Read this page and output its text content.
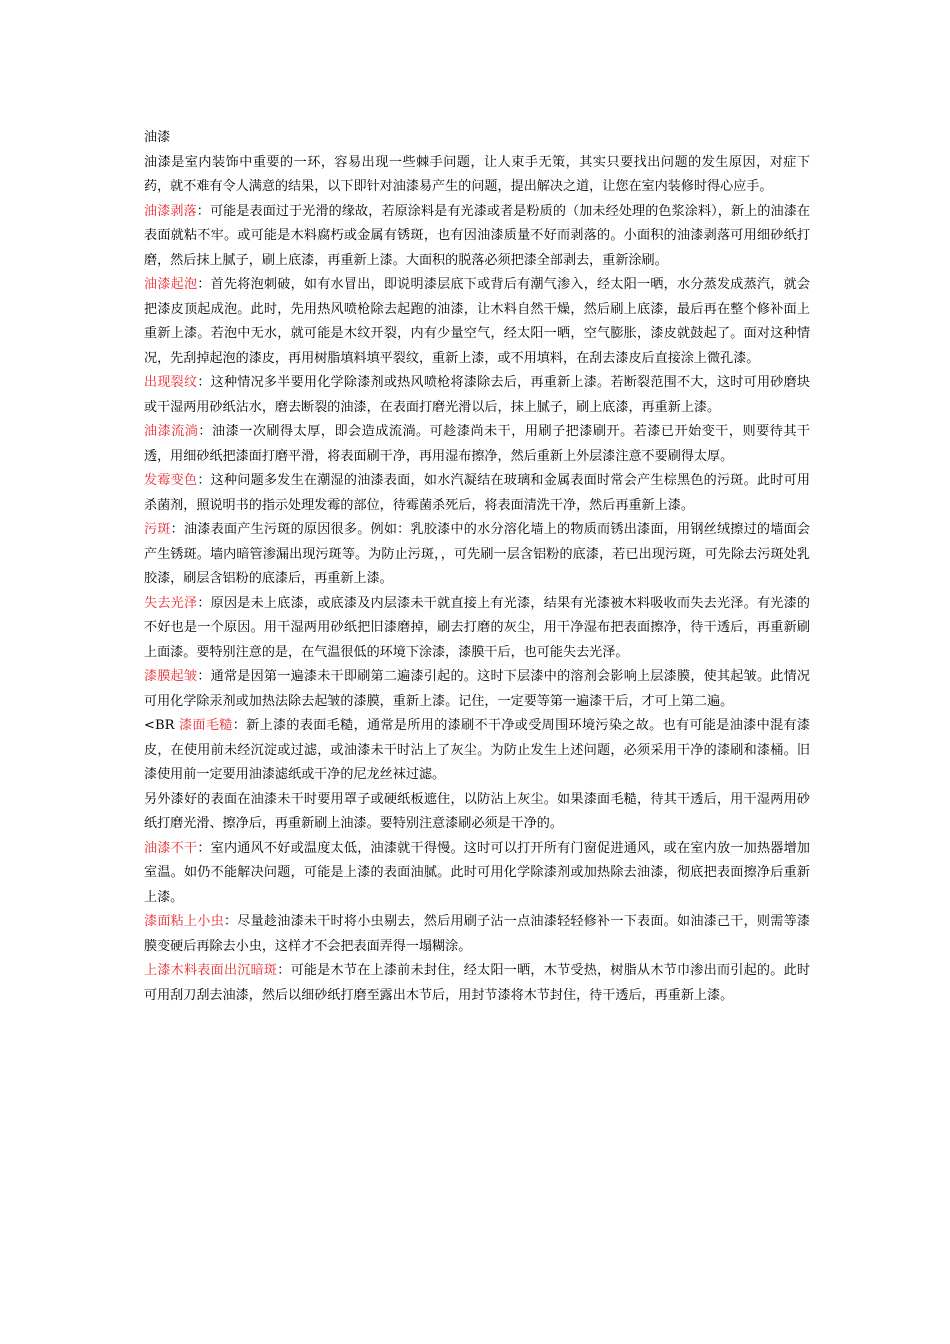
油漆

油漆是室内装饰中重要的一环，容易出现一些棘手问题，让人束手无策，其实只要找出问题的发生原因，对症下药，就不难有令人满意的结果，以下即针对油漆易产生的问题，提出解决之道，让您在室内装修时得心应手。

油漆剥落：可能是表面过于光滑的缘故，若原涂料是有光漆或者是粉质的（加未经处理的色浆涂料），新上的油漆在表面就粘不牢。或可能是木料腐朽或金属有锈斑，也有因油漆质量不好而剥落的。小面积的油漆剥落可用细砂纸打磨，然后抹上腻子，刷上底漆，再重新上漆。大面积的脱落必须把漆全部剥去，重新涂刷。

油漆起泡：首先将泡刺破，如有水冒出，即说明漆层底下或背后有潮气渗入，经太阳一晒，水分蒸发成蒸汽，就会把漆皮顶起成泡。此时，先用热风喷枪除去起跑的油漆，让木料自然干燥，然后刷上底漆，最后再在整个修补面上重新上漆。若泡中无水，就可能是木纹开裂，内有少量空气，经太阳一晒，空气膨胀，漆皮就鼓起了。面对这种情况，先刮掉起泡的漆皮，再用树脂填料填平裂纹，重新上漆，或不用填料，在刮去漆皮后直接涂上微孔漆。

出现裂纹：这种情况多半要用化学除漆剂或热风喷枪将漆除去后，再重新上漆。若断裂范围不大，这时可用砂磨块或干湿两用砂纸沾水，磨去断裂的油漆，在表面打磨光滑以后，抹上腻子，刷上底漆，再重新上漆。

油漆流淌：油漆一次刷得太厚，即会造成流淌。可趁漆尚未干，用刷子把漆刷开。若漆已开始变干，则要待其干透，用细砂纸把漆面打磨平滑，将表面刷干净，再用湿布擦净，然后重新上外层漆注意不要刷得太厚。

发霉变色：这种问题多发生在潮湿的油漆表面，如水汽凝结在玻璃和金属表面时常会产生棕黑色的污斑。此时可用杀菌剂，照说明书的指示处理发霉的部位，待霉菌杀死后，将表面清洗干净，然后再重新上漆。

污斑：油漆表面产生污斑的原因很多。例如：乳胶漆中的水分溶化墙上的物质而锈出漆面，用钢丝绒擦过的墙面会产生锈斑。墙内暗管渗漏出现污斑等。为防止污斑，，可先刷一层含铝粉的底漆，若已出现污斑，可先除去污斑处乳胶漆，刷层含铝粉的底漆后，再重新上漆。

失去光泽：原因是未上底漆，或底漆及内层漆未干就直接上有光漆，结果有光漆被木料吸收而失去光泽。有光漆的不好也是一个原因。用干湿两用砂纸把旧漆磨掉，刷去打磨的灰尘，用干净湿布把表面擦净，待干透后，再重新刷上面漆。要特别注意的是，在气温很低的环境下涂漆，漆膜干后，也可能失去光泽。

漆膜起皱：通常是因第一遍漆未干即刷第二遍漆引起的。这时下层漆中的溶剂会影响上层漆膜，使其起皱。此情况可用化学除汞剂或加热法除去起皱的漆膜，重新上漆。记住，一定要等第一遍漆干后，才可上第二遍。

<BR 漆面毛糙：新上漆的表面毛糙，通常是所用的漆刷不干净或受周围环境污染之故。也有可能是油漆中混有漆皮，在使用前未经沉淀或过滤，或油漆未干时沾上了灰尘。为防止发生上述问题，必须采用干净的漆刷和漆桶。旧漆使用前一定要用油漆滤纸或干净的尼龙丝袜过滤。

另外漆好的表面在油漆未干时要用罩子或硬纸板遮住，以防沾上灰尘。如果漆面毛糙，待其干透后，用干湿两用砂纸打磨光滑、擦净后，再重新刷上油漆。要特别注意漆刷必须是干净的。

油漆不干：室内通风不好或温度太低，油漆就干得慢。这时可以打开所有门窗促进通风，或在室内放一加热器增加室温。如仍不能解决问题，可能是上漆的表面油腻。此时可用化学除漆剂或加热除去油漆，彻底把表面擦净后重新上漆。

漆面粘上小虫：尽量趁油漆未干时将小虫剔去，然后用刷子沾一点油漆轻轻修补一下表面。如油漆己干，则需等漆膜变硬后再除去小虫，这样才不会把表面弄得一塌糊涂。

上漆木料表面出沉暗斑：可能是木节在上漆前未封住，经太阳一晒，木节受热，树脂从木节巾渗出而引起的。此时可用刮刀刮去油漆，然后以细砂纸打磨至露出木节后，用封节漆将木节封住，待干透后，再重新上漆。
